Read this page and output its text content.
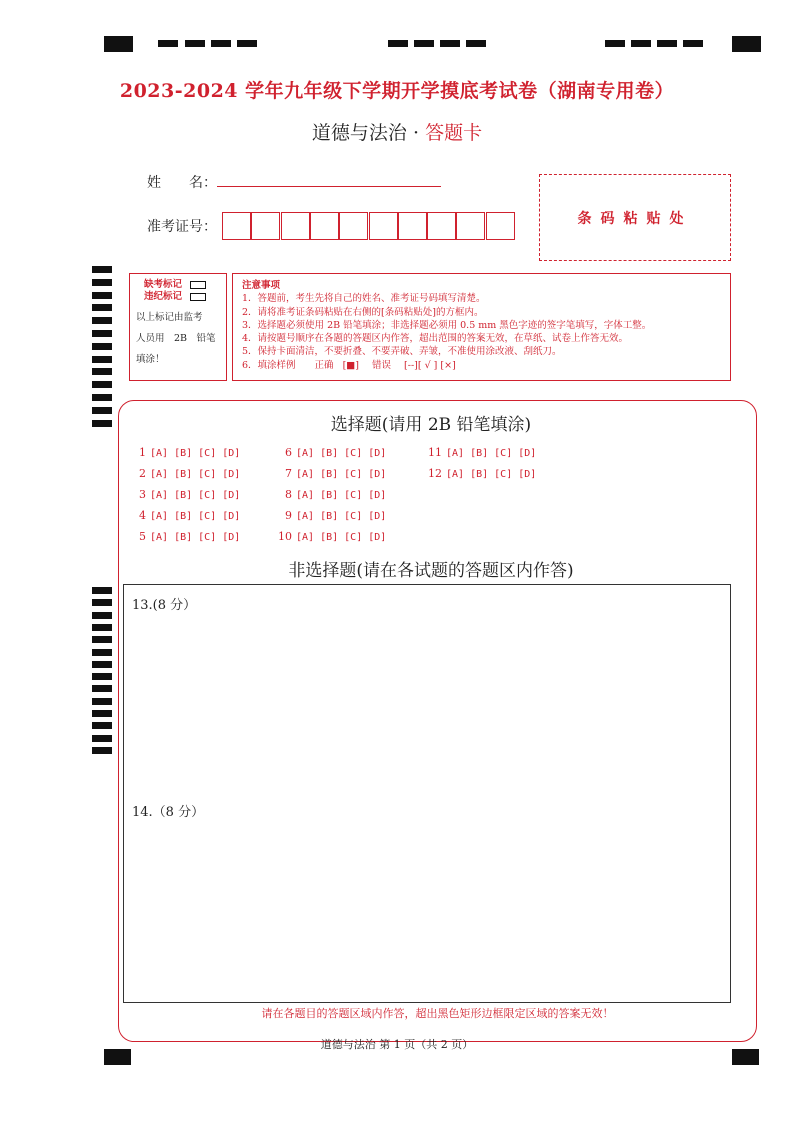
2023-2024 学年九年级下学期开学摸底考试卷（湖南专用卷）
道德与法治 · 答题卡
姓　　名：
准考证号：
条码粘贴处
缺考标记
违纪标记
以上标记由监考
人员用　2B　铅笔
填涂！
注意事项
1．答题前，考生先将自己的姓名、准考证号码填写清楚。
2．请将准考证条码粘贴在右侧的[条码粘贴处]的方框内。
3．选择题必须使用 2B 铅笔填涂；非选择题必须用 0.5 mm 黑色字迹的签字笔填写，字体工整。
4．请按题号顺序在各题的答题区内作答，超出范围的答案无效，在草纸、试卷上作答无效。
5．保持卡面清洁，不要折叠、不要弄破、弄皱，不准使用涂改液、刮纸刀。
6．填涂样例　　正确 [■] 错误 [--][ √ ] [×]
选择题(请用 2B 铅笔填涂)
1 [A] [B] [C] [D]
2 [A] [B] [C] [D]
3 [A] [B] [C] [D]
4 [A] [B] [C] [D]
5 [A] [B] [C] [D]
6 [A] [B] [C] [D]
7 [A] [B] [C] [D]
8 [A] [B] [C] [D]
9 [A] [B] [C] [D]
10 [A] [B] [C] [D]
11 [A] [B] [C] [D]
12 [A] [B] [C] [D]
非选择题(请在各试题的答题区内作答)
13.(8 分）
14.（8 分）
请在各题目的答题区域内作答，超出黑色矩形边框限定区域的答案无效！
道德与法治 第 1 页（共 2 页）
